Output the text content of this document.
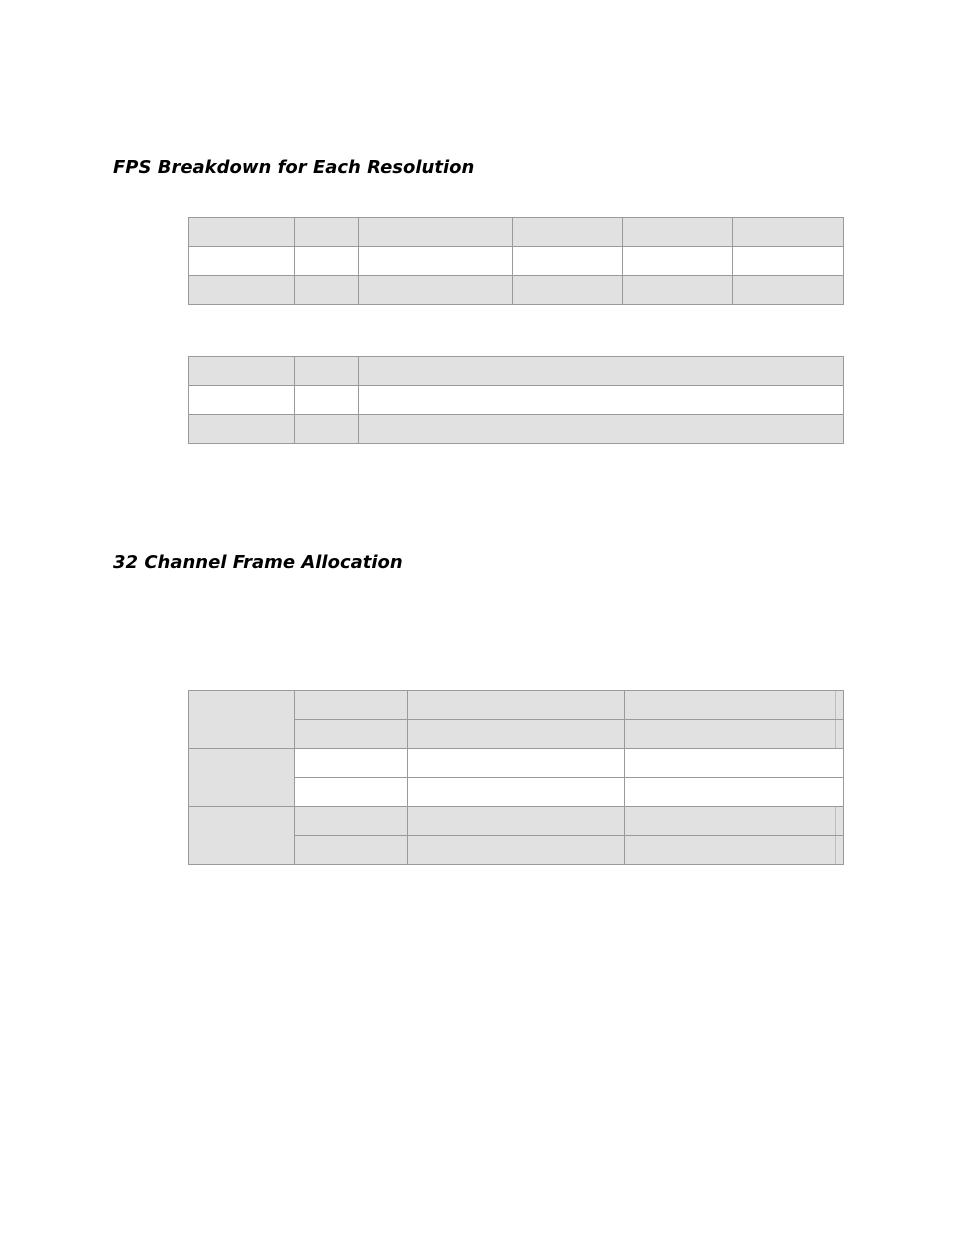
FPS Breakdown for Each Resolution

32 Channel Frame Allocation
